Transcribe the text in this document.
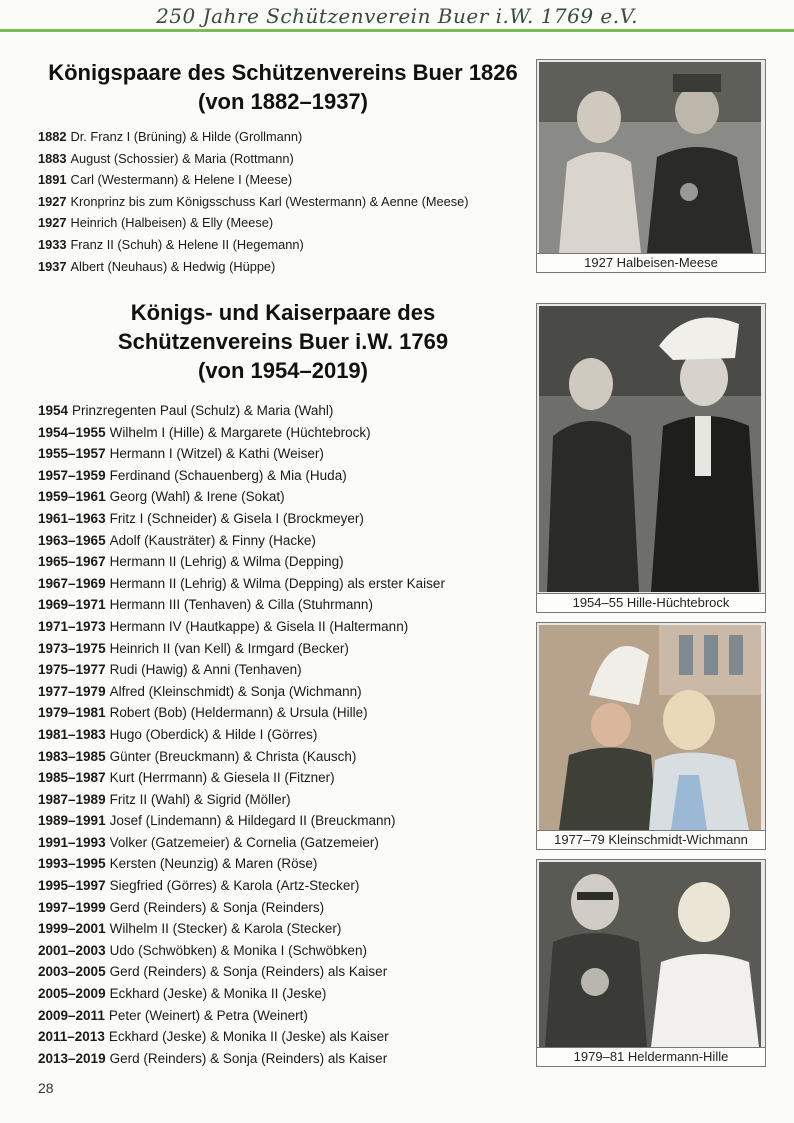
250 Jahre Schützenverein Buer i.W. 1769 e.V.

Königspaare des Schützenvereins Buer 1826

(von 1882–1937)

1882 Dr. Franz I (Brüning) & Hilde (Grollmann)
1883 August (Schossier) & Maria (Rottmann)
1891 Carl (Westermann) & Helene I (Meese)
1927 Kronprinz bis zum Königsschuss Karl (Westermann) & Aenne (Meese)
1927 Heinrich (Halbeisen) & Elly (Meese)
1933 Franz II (Schuh) & Helene II (Hegemann)
1937 Albert (Neuhaus) & Hedwig (Hüppe)

Königs- und Kaiserpaare des

Schützenvereins Buer i.W. 1769

(von 1954–2019)

1954 Prinzregenten Paul (Schulz) & Maria (Wahl)
1954–1955 Wilhelm I (Hille) & Margarete (Hüchtebrock)
1955–1957 Hermann I (Witzel) & Kathi (Weiser)
1957–1959 Ferdinand (Schauenberg) & Mia (Huda)
1959–1961 Georg (Wahl) & Irene (Sokat)
1961–1963 Fritz I (Schneider) & Gisela I (Brockmeyer)
1963–1965 Adolf (Kausträter) & Finny (Hacke)
1965–1967 Hermann II (Lehrig) & Wilma (Depping)
1967–1969 Hermann II (Lehrig) & Wilma (Depping) als erster Kaiser
1969–1971 Hermann III (Tenhaven) & Cilla (Stuhrmann)
1971–1973 Hermann IV (Hautkappe) & Gisela II (Haltermann)
1973–1975 Heinrich II (van Kell) & Irmgard (Becker)
1975–1977 Rudi (Hawig) & Anni (Tenhaven)
1977–1979 Alfred (Kleinschmidt) & Sonja (Wichmann)
1979–1981 Robert (Bob) (Heldermann) & Ursula (Hille)
1981–1983 Hugo (Oberdick) & Hilde I (Görres)
1983–1985 Günter (Breuckmann) & Christa (Kausch)
1985–1987 Kurt (Herrmann) & Giesela II (Fitzner)
1987–1989 Fritz II (Wahl) & Sigrid (Möller)
1989–1991 Josef (Lindemann) & Hildegard II (Breuckmann)
1991–1993 Volker (Gatzemeier) & Cornelia (Gatzemeier)
1993–1995 Kersten (Neunzig) & Maren (Röse)
1995–1997 Siegfried (Görres) & Karola (Artz-Stecker)
1997–1999 Gerd (Reinders) & Sonja (Reinders)
1999–2001 Wilhelm II (Stecker) & Karola (Stecker)
2001–2003 Udo (Schwöbken) & Monika I (Schwöbken)
2003–2005 Gerd (Reinders) & Sonja (Reinders) als Kaiser
2005–2009 Eckhard (Jeske) & Monika II (Jeske)
2009–2011 Peter (Weinert) & Petra (Weinert)
2011–2013 Eckhard (Jeske) & Monika II (Jeske) als Kaiser
2013–2019 Gerd (Reinders) & Sonja (Reinders) als Kaiser
1927 Halbeisen-Meese
1954–55 Hille-Hüchtebrock
1977–79 Kleinschmidt-Wichmann
1979–81 Heldermann-Hille
28
